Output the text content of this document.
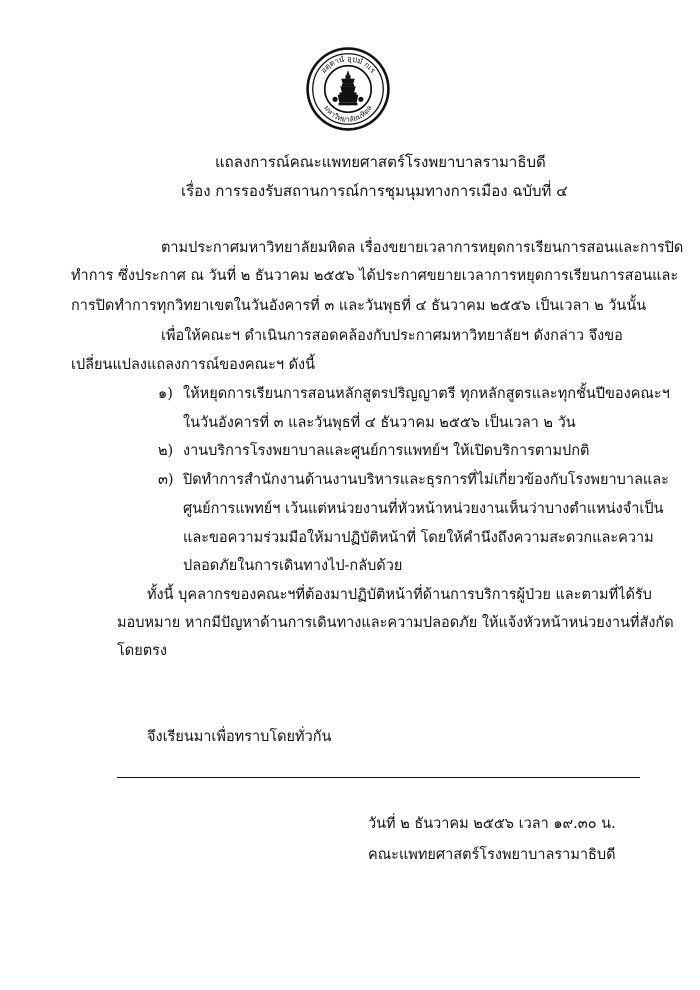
อตฺตานํ อุปมํ กเร
มหาวิทยาลัยมหิดล
แถลงการณ์คณะแพทยศาสตร์โรงพยาบาลรามาธิบดี
เรื่อง การรองรับสถานการณ์การชุมนุมทางการเมือง ฉบับที่ ๔
ตามประกาศมหาวิทยาลัยมหิดล เรื่องขยายเวลาการหยุดการเรียนการสอนและการปิด
ทำการ ซึ่งประกาศ ณ วันที่ ๒ ธันวาคม ๒๕๕๖ ได้ประกาศขยายเวลาการหยุดการเรียนการสอนและ
การปิดทำการทุกวิทยาเขตในวันอังคารที่ ๓ และวันพุธที่ ๔ ธันวาคม ๒๕๕๖ เป็นเวลา ๒ วันนั้น
เพื่อให้คณะฯ ดำเนินการสอดคล้องกับประกาศมหาวิทยาลัยฯ ดังกล่าว จึงขอ
เปลี่ยนแปลงแถลงการณ์ของคณะฯ ดังนี้
๑) ให้หยุดการเรียนการสอนหลักสูตรปริญญาตรี ทุกหลักสูตรและทุกชั้นปีของคณะฯ
ในวันอังคารที่ ๓ และวันพุธที่ ๔ ธันวาคม ๒๕๕๖ เป็นเวลา ๒ วัน
๒) งานบริการโรงพยาบาลและศูนย์การแพทย์ฯ ให้เปิดบริการตามปกติ
๓) ปิดทำการสำนักงานด้านงานบริหารและธุรการที่ไม่เกี่ยวข้องกับโรงพยาบาลและ
ศูนย์การแพทย์ฯ เว้นแต่หน่วยงานที่หัวหน้าหน่วยงานเห็นว่าบางตำแหน่งจำเป็น
และขอความร่วมมือให้มาปฏิบัติหน้าที่ โดยให้คำนึงถึงความสะดวกและความ
ปลอดภัยในการเดินทางไป-กลับด้วย
ทั้งนี้ บุคลากรของคณะฯที่ต้องมาปฏิบัติหน้าที่ด้านการบริการผู้ป่วย และตามที่ได้รับ
มอบหมาย หากมีปัญหาด้านการเดินทางและความปลอดภัย ให้แจ้งหัวหน้าหน่วยงานที่สังกัด
โดยตรง
จึงเรียนมาเพื่อทราบโดยทั่วกัน
วันที่ ๒ ธันวาคม ๒๕๕๖ เวลา ๑๙.๓๐ น.
คณะแพทยศาสตร์โรงพยาบาลรามาธิบดี
